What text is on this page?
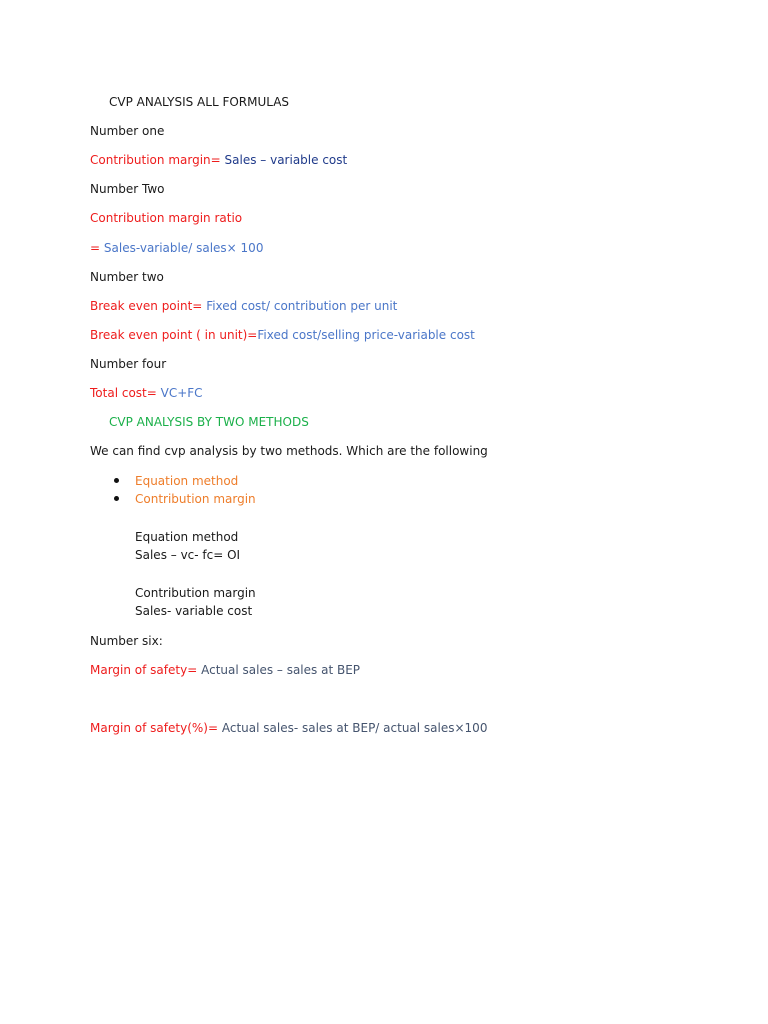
CVP ANALYSIS ALL FORMULAS
Number one
Contribution margin= Sales – variable cost
Number Two
Contribution margin ratio
= Sales-variable/ sales× 100
Number two
Break even point= Fixed cost/ contribution per unit
Break even point ( in unit)=Fixed cost/selling price-variable cost
Number four
Total cost= VC+FC
CVP ANALYSIS BY TWO METHODS
We can find cvp analysis by two methods. Which are the following
Equation method
Contribution margin
Equation method
Sales – vc- fc= OI
Contribution margin
Sales- variable cost
Number six:
Margin of safety= Actual sales – sales at BEP
Margin of safety(%)= Actual sales- sales at BEP/ actual sales×100
